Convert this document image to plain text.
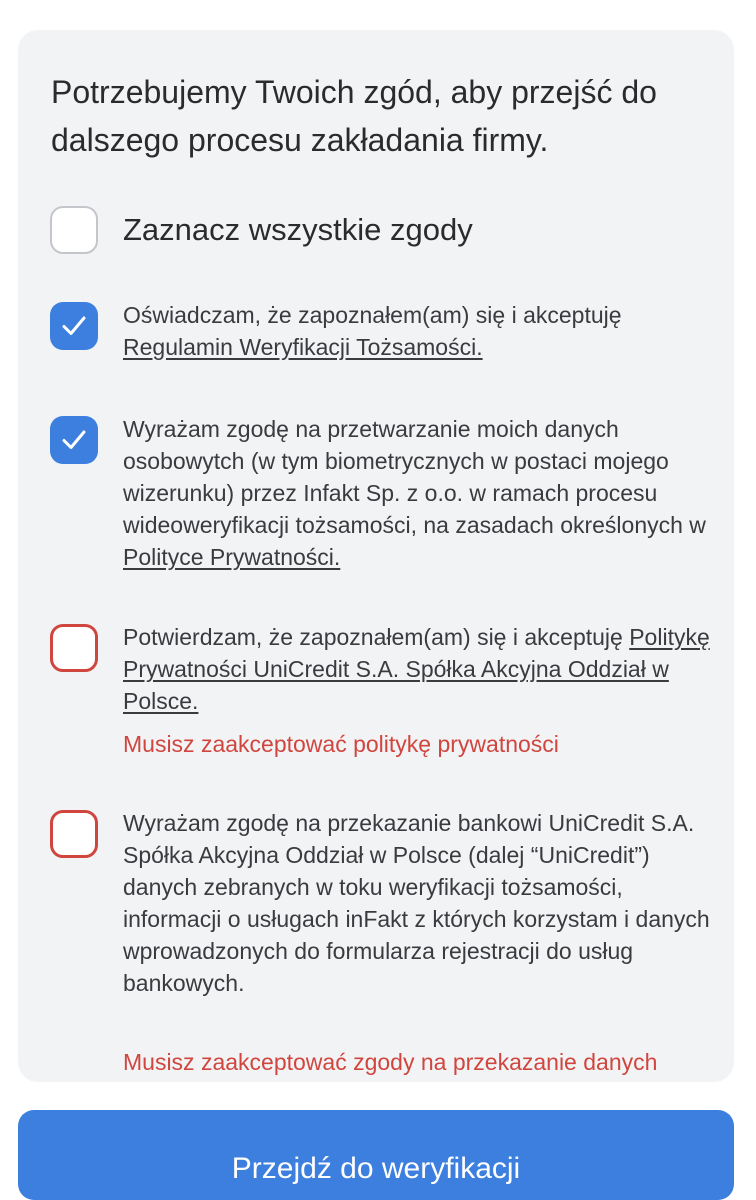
Potrzebujemy Twoich zgód, aby przejść do dalszego procesu zakładania firmy.
Zaznacz wszystkie zgody
Oświadczam, że zapoznałem(am) się i akceptuję Regulamin Weryfikacji Tożsamości.
Wyrażam zgodę na przetwarzanie moich danych osobowytch (w tym biometrycznych w postaci mojego wizerunku) przez Infakt Sp. z o.o. w ramach procesu wideoweryfikacji tożsamości, na zasadach określonych w Polityce Prywatności.
Potwierdzam, że zapoznałem(am) się i akceptuję Politykę Prywatności UniCredit S.A. Spółka Akcyjna Oddział w Polsce.
Musisz zaakceptować politykę prywatności
Wyrażam zgodę na przekazanie bankowi UniCredit S.A. Spółka Akcyjna Oddział w Polsce (dalej “UniCredit”) danych zebranych w toku weryfikacji tożsamości, informacji o usługach inFakt z których korzystam i danych wprowadzonych do formularza rejestracji do usług bankowych.
Musisz zaakceptować zgody na przekazanie danych
Przejdź do weryfikacji
